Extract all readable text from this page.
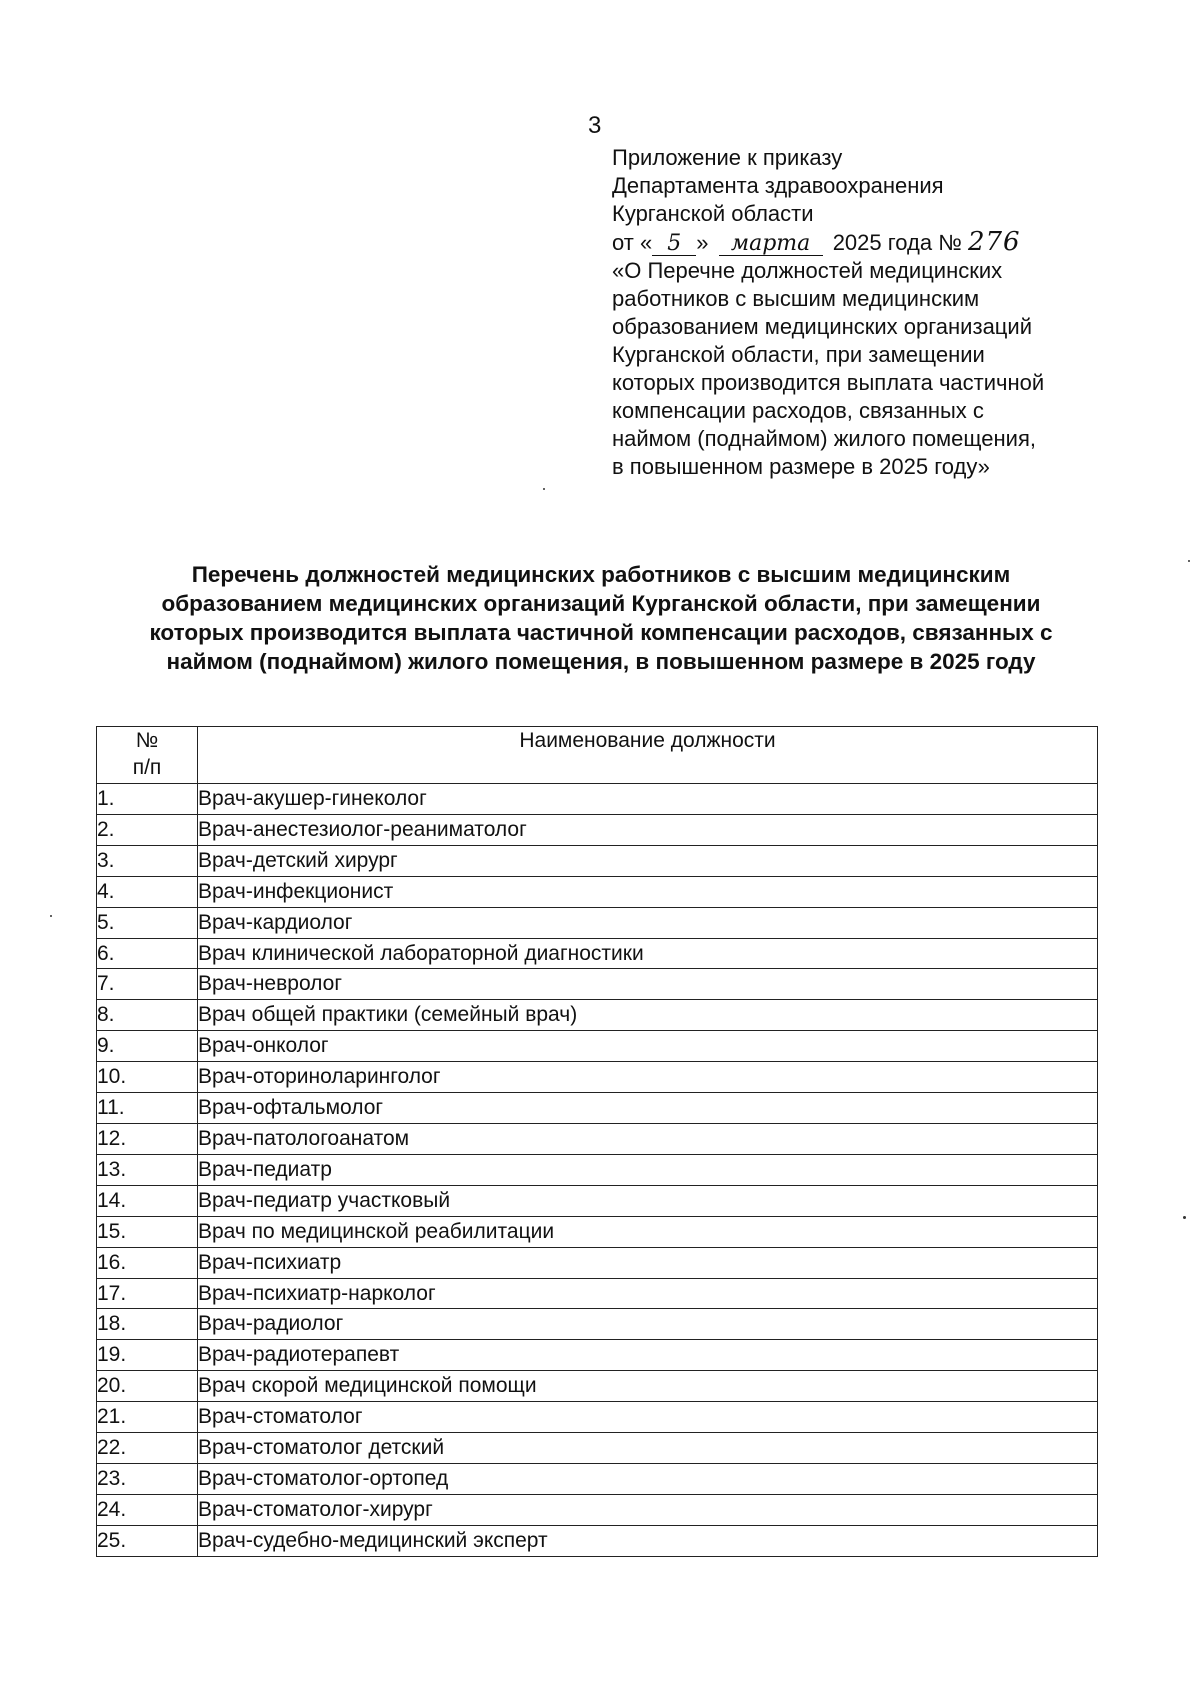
3
Приложение к приказу
Департамента здравоохранения
Курганской области
от « 5 » марта 2025 года № 276
«О Перечне должностей медицинских
работников с высшим медицинским
образованием медицинских организаций
Курганской области, при замещении
которых производится выплата частичной
компенсации расходов, связанных с
наймом (поднаймом) жилого помещения,
в повышенном размере в 2025 году»
Перечень должностей медицинских работников с высшим медицинским
образованием медицинских организаций Курганской области, при замещении
которых производится выплата частичной компенсации расходов, связанных с
наймом (поднаймом) жилого помещения, в повышенном размере в 2025 году
№
п/п	Наименование должности
1.	Врач-акушер-гинеколог
2.	Врач-анестезиолог-реаниматолог
3.	Врач-детский хирург
4.	Врач-инфекционист
5.	Врач-кардиолог
6.	Врач клинической лабораторной диагностики
7.	Врач-невролог
8.	Врач общей практики (семейный врач)
9.	Врач-онколог
10.	Врач-оториноларинголог
11.	Врач-офтальмолог
12.	Врач-патологоанатом
13.	Врач-педиатр
14.	Врач-педиатр участковый
15.	Врач по медицинской реабилитации
16.	Врач-психиатр
17.	Врач-психиатр-нарколог
18.	Врач-радиолог
19.	Врач-радиотерапевт
20.	Врач скорой медицинской помощи
21.	Врач-стоматолог
22.	Врач-стоматолог детский
23.	Врач-стоматолог-ортопед
24.	Врач-стоматолог-хирург
25.	Врач-судебно-медицинский эксперт
